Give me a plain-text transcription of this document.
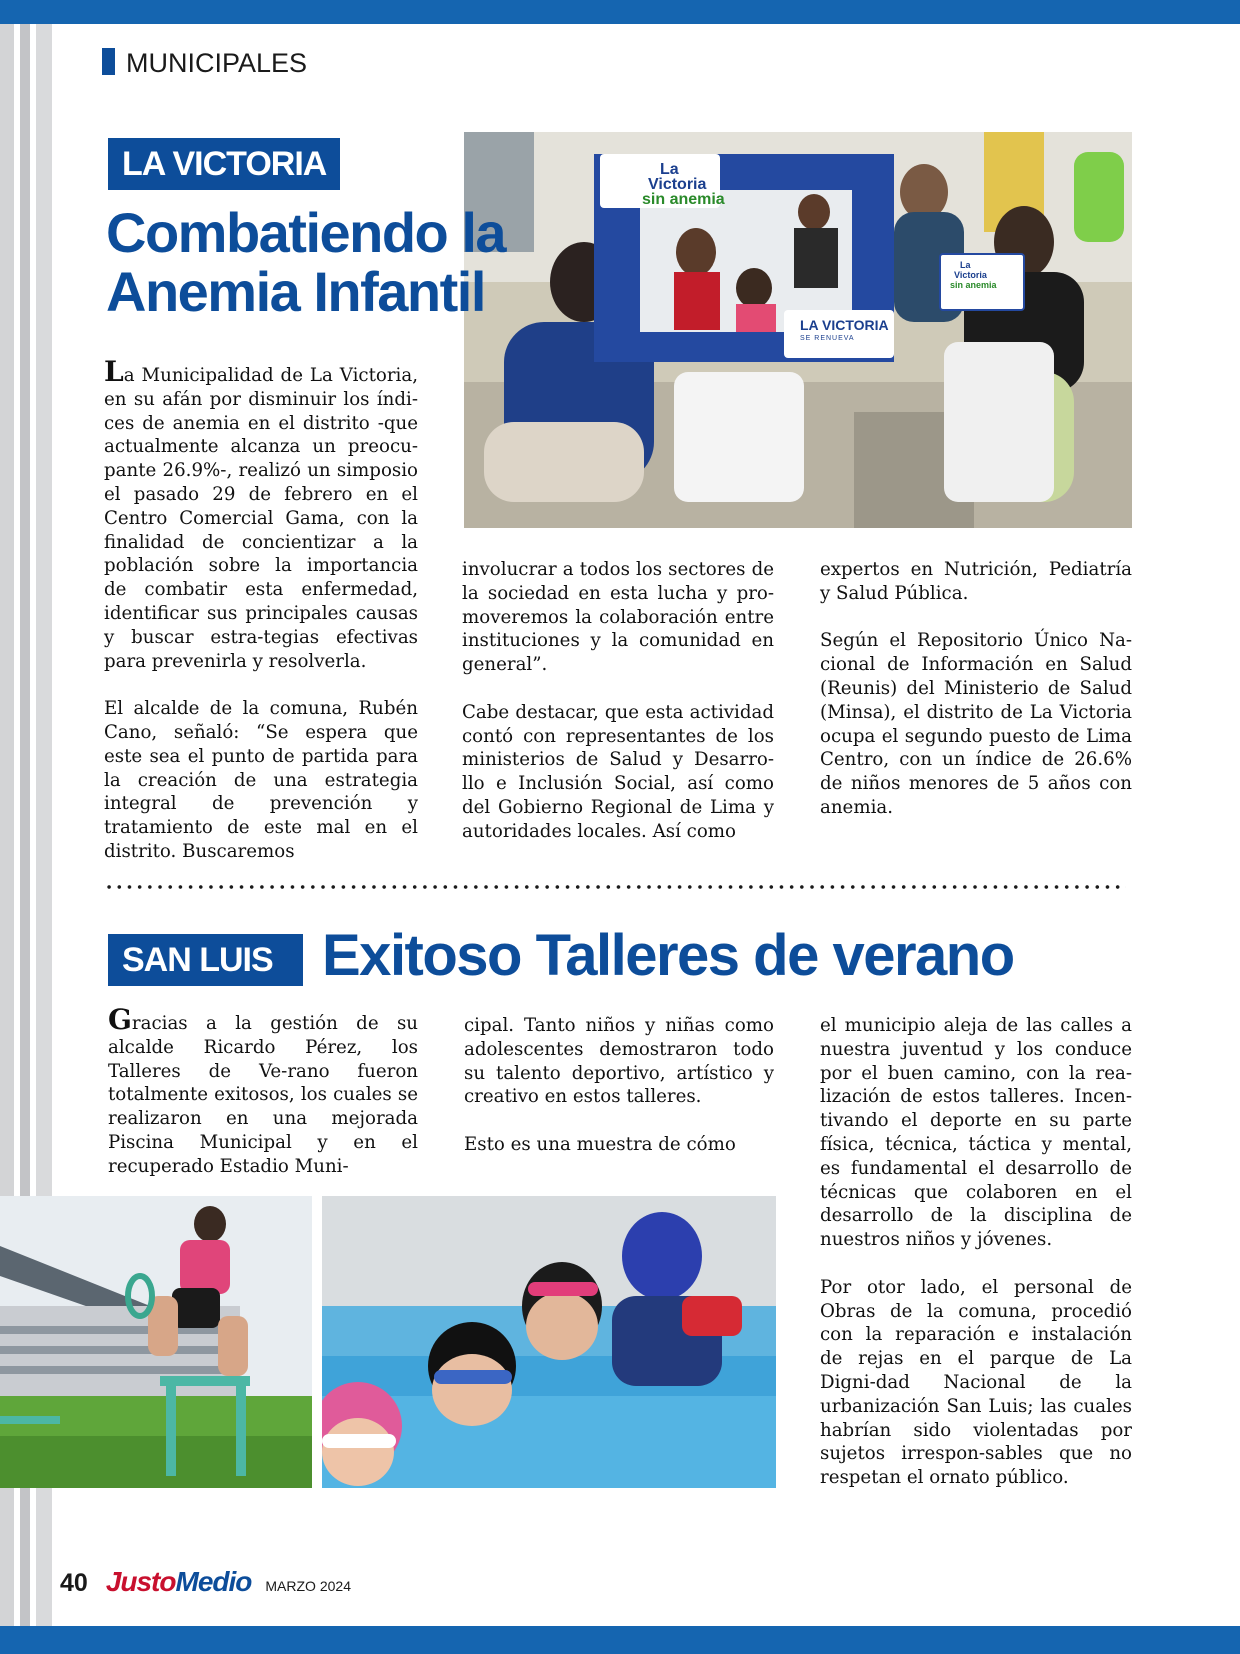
MUNICIPALES
LA VICTORIA
Combatiendo la
Anemia Infantil
La
Victoria
sin anemia
LA VICTORIA
SE RENUEVA
La
Victoria
sin anemia

La Municipalidad de La Victoria, en su afán por disminuir los índi-ces de anemia en el distrito -que actualmente alcanza un preocu-pante 26.9%-, realizó un simposio el pasado 29 de febrero en el Centro Comercial Gama, con la finalidad de concientizar a la población sobre la importancia de combatir esta enfermedad, identificar sus principales causas y buscar estra-tegias efectivas para prevenirla y resolverla.

El alcalde de la comuna, Rubén Cano, señaló: “Se espera que este sea el punto de partida para la creación de una estrategia integral de prevención y tratamiento de este mal en el distrito. Buscaremos

involucrar a todos los sectores de la sociedad en esta lucha y pro-moveremos la colaboración entre instituciones y la comunidad en general”.

Cabe destacar, que esta actividad contó con representantes de los ministerios de Salud y Desarro-llo e Inclusión Social, así como del Gobierno Regional de Lima y autoridades locales. Así como

expertos en Nutrición, Pediatría y Salud Pública.

Según el Repositorio Único Na-cional de Información en Salud (Reunis) del Ministerio de Salud (Minsa), el distrito de La Victoria ocupa el segundo puesto de Lima Centro, con un índice de 26.6% de niños menores de 5 años con anemia.

SAN LUIS Exitoso Talleres de verano

Gracias a la gestión de su alcalde Ricardo Pérez, los Talleres de Ve-rano fueron totalmente exitosos, los cuales se realizaron en una mejorada Piscina Municipal y en el recuperado Estadio Muni-

cipal. Tanto niños y niñas como adolescentes demostraron todo su talento deportivo, artístico y creativo en estos talleres.

Esto es una muestra de cómo

el municipio aleja de las calles a nuestra juventud y los conduce por el buen camino, con la rea-lización de estos talleres. Incen-tivando el deporte en su parte física, técnica, táctica y mental, es fundamental el desarrollo de técnicas que colaboren en el desarrollo de la disciplina de nuestros niños y jóvenes.

Por otor lado, el personal de Obras de la comuna, procedió con la reparación e instalación de rejas en el parque de La Digni-dad Nacional de la urbanización San Luis; las cuales habrían sido violentadas por sujetos irrespon-sables que no respetan el ornato público.

40 JustoMedio MARZO 2024
